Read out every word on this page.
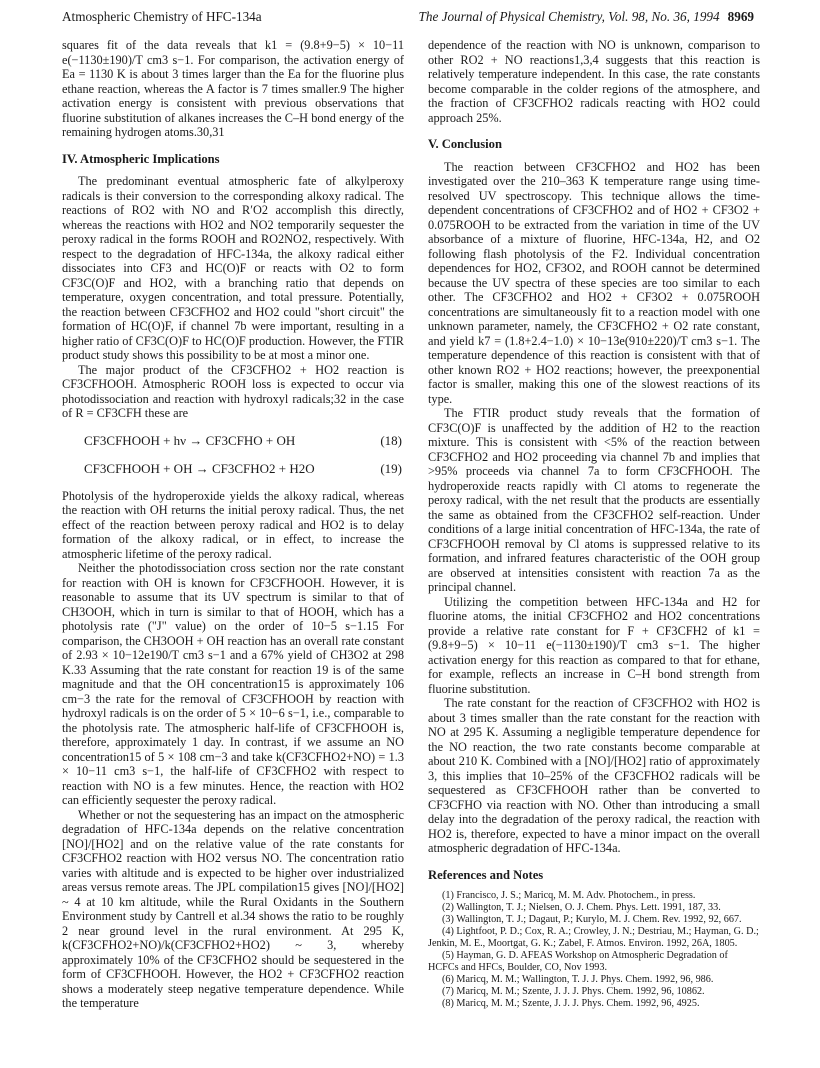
Atmospheric Chemistry of HFC-134a	The Journal of Physical Chemistry, Vol. 98, No. 36, 1994 8969

squares fit of the data reveals that k1 = (9.8+9−5) × 10−11 e(−1130±190)/T cm3 s−1. For comparison, the activation energy of Ea = 1130 K is about 3 times larger than the Ea for the fluorine plus ethane reaction, whereas the A factor is 7 times smaller.9 The higher activation energy is consistent with previous observations that fluorine substitution of alkanes increases the C–H bond energy of the remaining hydrogen atoms.30,31

IV. Atmospheric Implications

The predominant eventual atmospheric fate of alkylperoxy radicals is their conversion to the corresponding alkoxy radical. The reactions of RO2 with NO and R′O2 accomplish this directly, whereas the reactions with HO2 and NO2 temporarily sequester the peroxy radical in the forms ROOH and RO2NO2, respectively. With respect to the degradation of HFC-134a, the alkoxy radical either dissociates into CF3 and HC(O)F or reacts with O2 to form CF3C(O)F and HO2, with a branching ratio that depends on temperature, oxygen concentration, and total pressure. Potentially, the reaction between CF3CFHO2 and HO2 could "short circuit" the formation of HC(O)F, if channel 7b were important, resulting in a higher ratio of CF3C(O)F to HC(O)F production. However, the FTIR product study shows this possibility to be at most a minor one.

The major product of the CF3CFHO2 + HO2 reaction is CF3CFHOOH. Atmospheric ROOH loss is expected to occur via photodissociation and reaction with hydroxyl radicals;32 in the case of R = CF3CFH these are

CF3CFHOOH + hν → CF3CFHO + OH	(18)
CF3CFHOOH + OH → CF3CFHO2 + H2O	(19)

Photolysis of the hydroperoxide yields the alkoxy radical, whereas the reaction with OH returns the initial peroxy radical. Thus, the net effect of the reaction between peroxy radical and HO2 is to delay formation of the alkoxy radical, or in effect, to increase the atmospheric lifetime of the peroxy radical.

Neither the photodissociation cross section nor the rate constant for reaction with OH is known for CF3CFHOOH. However, it is reasonable to assume that its UV spectrum is similar to that of CH3OOH, which in turn is similar to that of HOOH, which has a photolysis rate ("J" value) on the order of 10−5 s−1.15 For comparison, the CH3OOH + OH reaction has an overall rate constant of 2.93 × 10−12e190/T cm3 s−1 and a 67% yield of CH3O2 at 298 K.33 Assuming that the rate constant for reaction 19 is of the same magnitude and that the OH concentration15 is approximately 106 cm−3 the rate for the removal of CF3CFHOOH by reaction with hydroxyl radicals is on the order of 5 × 10−6 s−1, i.e., comparable to the photolysis rate. The atmospheric half-life of CF3CFHOOH is, therefore, approximately 1 day. In contrast, if we assume an NO concentration15 of 5 × 108 cm−3 and take k(CF3CFHO2+NO) = 1.3 × 10−11 cm3 s−1, the half-life of CF3CFHO2 with respect to reaction with NO is a few minutes. Hence, the reaction with HO2 can efficiently sequester the peroxy radical.

Whether or not the sequestering has an impact on the atmospheric degradation of HFC-134a depends on the relative concentration [NO]/[HO2] and on the relative value of the rate constants for CF3CFHO2 reaction with HO2 versus NO. The concentration ratio varies with altitude and is expected to be higher over industrialized areas versus remote areas. The JPL compilation15 gives [NO]/[HO2] ~ 4 at 10 km altitude, while the Rural Oxidants in the Southern Environment study by Cantrell et al.34 shows the ratio to be roughly 2 near ground level in the rural environment. At 295 K, k(CF3CFHO2+NO)/k(CF3CFHO2+HO2) ~ 3, whereby approximately 10% of the CF3CFHO2 should be sequestered in the form of CF3CFHOOH. However, the HO2 + CF3CFHO2 reaction shows a moderately steep negative temperature dependence. While the temperature

dependence of the reaction with NO is unknown, comparison to other RO2 + NO reactions1,3,4 suggests that this reaction is relatively temperature independent. In this case, the rate constants become comparable in the colder regions of the atmosphere, and the fraction of CF3CFHO2 radicals reacting with HO2 could approach 25%.

V. Conclusion

The reaction between CF3CFHO2 and HO2 has been investigated over the 210–363 K temperature range using time-resolved UV spectroscopy. This technique allows the time-dependent concentrations of CF3CFHO2 and of HO2 + CF3O2 + 0.075ROOH to be extracted from the variation in time of the UV absorbance of a mixture of fluorine, HFC-134a, H2, and O2 following flash photolysis of the F2. Individual concentration dependences for HO2, CF3O2, and ROOH cannot be determined because the UV spectra of these species are too similar to each other. The CF3CFHO2 and HO2 + CF3O2 + 0.075ROOH concentrations are simultaneously fit to a reaction model with one unknown parameter, namely, the CF3CFHO2 + O2 rate constant, and yield k7 = (1.8+2.4−1.0) × 10−13e(910±220)/T cm3 s−1. The temperature dependence of this reaction is consistent with that of other known RO2 + HO2 reactions; however, the preexponential factor is smaller, making this one of the slowest reactions of its type.

The FTIR product study reveals that the formation of CF3C(O)F is unaffected by the addition of H2 to the reaction mixture. This is consistent with <5% of the reaction between CF3CFHO2 and HO2 proceeding via channel 7b and implies that >95% proceeds via channel 7a to form CF3CFHOOH. The hydroperoxide reacts rapidly with Cl atoms to regenerate the peroxy radical, with the net result that the products are essentially the same as obtained from the CF3CFHO2 self-reaction. Under conditions of a large initial concentration of HFC-134a, the rate of CF3CFHOOH removal by Cl atoms is suppressed relative to its formation, and infrared features characteristic of the OOH group are observed at intensities consistent with reaction 7a as the principal channel.

Utilizing the competition between HFC-134a and H2 for fluorine atoms, the initial CF3CFHO2 and HO2 concentrations provide a relative rate constant for F + CF3CFH2 of k1 = (9.8+9−5) × 10−11 e(−1130±190)/T cm3 s−1. The higher activation energy for this reaction as compared to that for ethane, for example, reflects an increase in C–H bond strength from fluorine substitution.

The rate constant for the reaction of CF3CFHO2 with HO2 is about 3 times smaller than the rate constant for the reaction with NO at 295 K. Assuming a negligible temperature dependence for the NO reaction, the two rate constants become comparable at about 210 K. Combined with a [NO]/[HO2] ratio of approximately 3, this implies that 10–25% of the CF3CFHO2 radicals will be sequestered as CF3CFHOOH rather than be converted to CF3CFHO via reaction with NO. Other than introducing a small delay into the degradation of the peroxy radical, the reaction with HO2 is, therefore, expected to have a minor impact on the overall atmospheric degradation of HFC-134a.

References and Notes
(1) Francisco, J. S.; Maricq, M. M. Adv. Photochem., in press.
(2) Wallington, T. J.; Nielsen, O. J. Chem. Phys. Lett. 1991, 187, 33.
(3) Wallington, T. J.; Dagaut, P.; Kurylo, M. J. Chem. Rev. 1992, 92, 667.
(4) Lightfoot, P. D.; Cox, R. A.; Crowley, J. N.; Destriau, M.; Hayman, G. D.; Jenkin, M. E., Moortgat, G. K.; Zabel, F. Atmos. Environ. 1992, 26A, 1805.
(5) Hayman, G. D. AFEAS Workshop on Atmospheric Degradation of HCFCs and HFCs, Boulder, CO, Nov 1993.
(6) Maricq, M. M.; Wallington, T. J. J. Phys. Chem. 1992, 96, 986.
(7) Maricq, M. M.; Szente, J. J. J. Phys. Chem. 1992, 96, 10862.
(8) Maricq, M. M.; Szente, J. J. J. Phys. Chem. 1992, 96, 4925.
